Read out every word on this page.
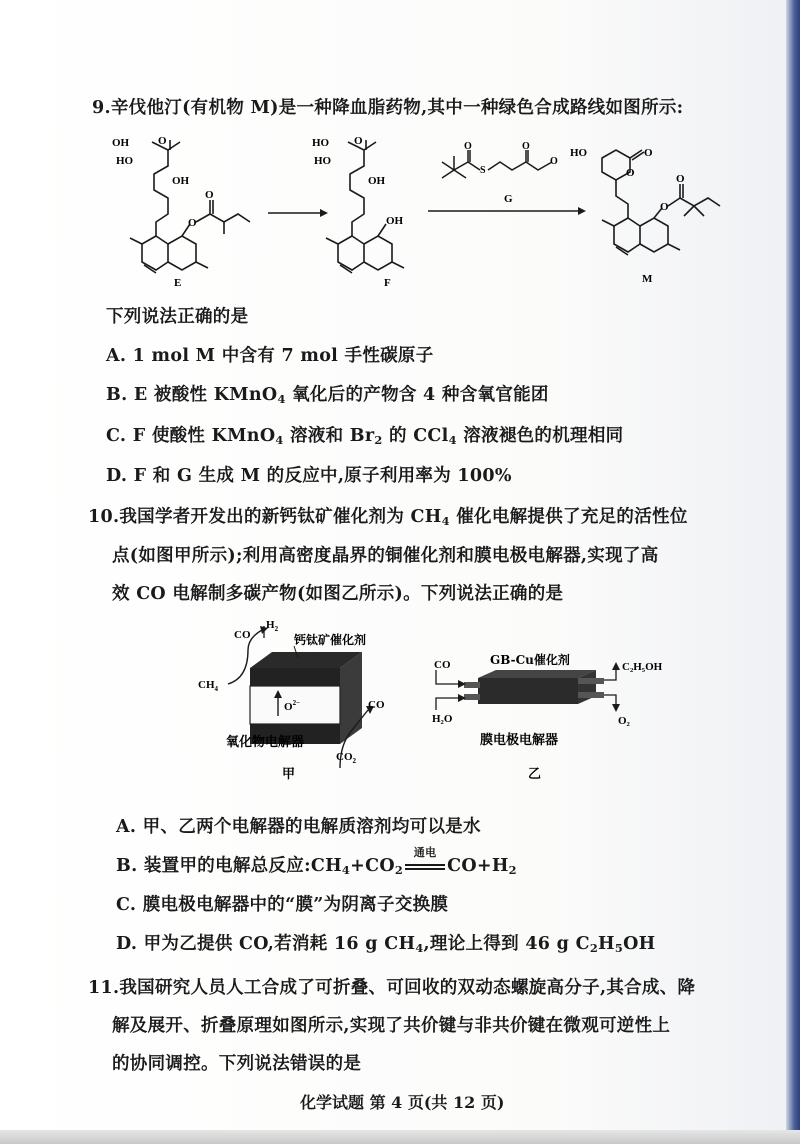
9.辛伐他汀(有机物 M)是一种降血脂药物,其中一种绿色合成路线如图所示:
O
OH
HO
OH
O
O
E
O
HO
HO
OH
OH
F
O
S
O
O
G
HO
O
O
O
O
M
下列说法正确的是
A. 1 mol M 中含有 7 mol 手性碳原子
B. E 被酸性 KMnO$_4$ 氧化后的产物含 4 种含氧官能团
C. F 使酸性 KMnO$_4$ 溶液和 $Br_2$ 的 CCl$_4$ 溶液褪色的机理相同
D. F 和 G 生成 M 的反应中,原子利用率为 100%
10.我国学者开发出的新钙钛矿催化剂为 $CH_4$ 催化电解提供了充足的活性位
点(如图甲所示);利用高密度晶界的铜催化剂和膜电极电解器,实现了高
效 CO 电解制多碳产物(如图乙所示)。下列说法正确的是
$O^{2-}$
$CH_4$
CO
$H_2$
钙钛矿催化剂
CO
$CO_2$
氧化物电解器
甲
CO	GB-Cu催化剂	C₂H₅OH
H₂O	O₂
膜电极电解器
乙
A. 甲、乙两个电解器的电解质溶剂均可以是水
B. 装置甲的电解总反应$:CH_4+CO_2$
通电
$CO+H_2$
C. 膜电极电解器中的“膜”为阴离子交换膜
D. 甲为乙提供 CO,若消耗 16 g $CH_4$,理论上得到 46 g $C_2H_5OH$
11.我国研究人员人工合成了可折叠、可回收的双动态螺旋高分子,其合成、降
解及展开、折叠原理如图所示,实现了共价键与非共价键在微观可逆性上
的协同调控。下列说法错误的是
化学试题 第 4 页(共 12 页)
